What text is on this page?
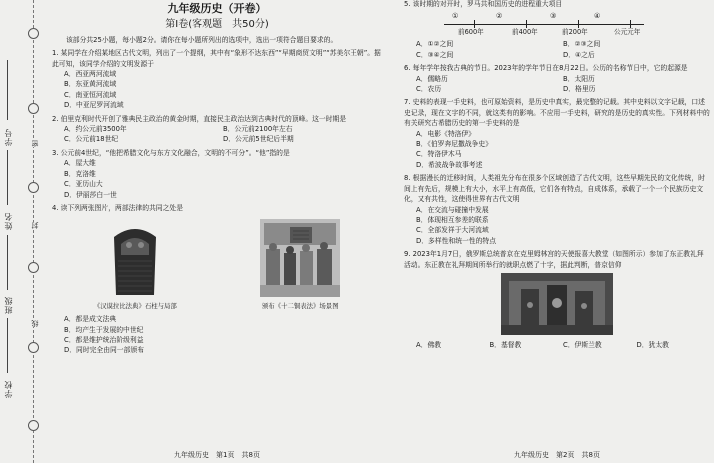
学号
姓名
班级
学校
密
封
线
九年级历史（开卷）
第Ⅰ卷(客观题　共50分)

该部分共25小题，每小题2分。请你在每小题所列出的选项中，选出一项符合题目要求的。

1. 某同学在介绍某地区古代文明，列出了一个提纲，其中有“象形不达东西”“早期商贸文明”“苏美尔王朝”。据此可知，该同学介绍的文明发源于

A．西亚两河流域
B．东亚黄河流域
C．南亚恒河流域
D．中亚尼罗河流域

2. 伯里克利时代开创了雅典民主政治的黄金时期，直接民主政治达到古典时代的顶峰。这一时期是

A．约公元前3500年	B．公元前2100年左右
C．公元前18世纪	D．公元前5世纪后半期

3. 公元前4世纪，“他把希腊文化与东方文化融合，文明的不可分”。“他”指的是

A．屋大维
B．克洛维
C．亚历山大
D．伊丽莎白一世

4. 读下列两张图片，两部法律的共同之处是

《汉谟拉比法典》石柱与局部	颁布《十二铜表法》场景图
A．都是成文法典
B．均产生于发展的中世纪
C．都是维护统治阶级利益
D．同时完全由同一部颁布
九年级历史　第1页　共8页

5. 该时期的对开时，罗马共和国历史的进程重大项目

①	②	③	④
前600年	前400年	前200年	公元元年
A．①②之间	B．②③之间
C．③④之间	D．④之后

6. 每年学年按我古典的节日。2023年的学年节日在8月22日。公历的名称节日中，它的起源是

A．儒略历	B．太阳历
C．农历	D．格里历

7. 史料的表现一手史料，也可原始资料，是历史中真实，最完整的记载。其中史料以文字记载，口述史记录，现在文字的不同，就这类有的影响。不应用一手史料，研究的是历史的真实性。下列材料中的有关研究古希腊历史的第一手史料的是

A．电影《特洛伊》
B．《伯罗奔尼撒战争史》
C．特洛伊木马
D．希波战争故事考述

8. 根据漫长的迁移时间，人类祖先分布在很多个区域创造了古代文明，这些早期先民的文化传统，时间上有先后，规模上有大小，水平上有高低，它们各有特点，自成体系，承载了一个一个民族历史文化，又有共性，这使得世界有古代文明

A．在交流与碰撞中发展
B．体现相互参差的联系
C．全部发祥于大河流域
D．多样性和统一性的特点

9. 2023年1月7日，俄罗斯总统普京在克里姆林宫的天使报喜大教堂（如图所示）参加了东正教礼拜活动。东正教在礼拜期间所举行的就职点燃了十字，据此判断，普京信仰

A．佛教	B．基督教	C．伊斯兰教	D．犹太教
九年级历史　第2页　共8页
